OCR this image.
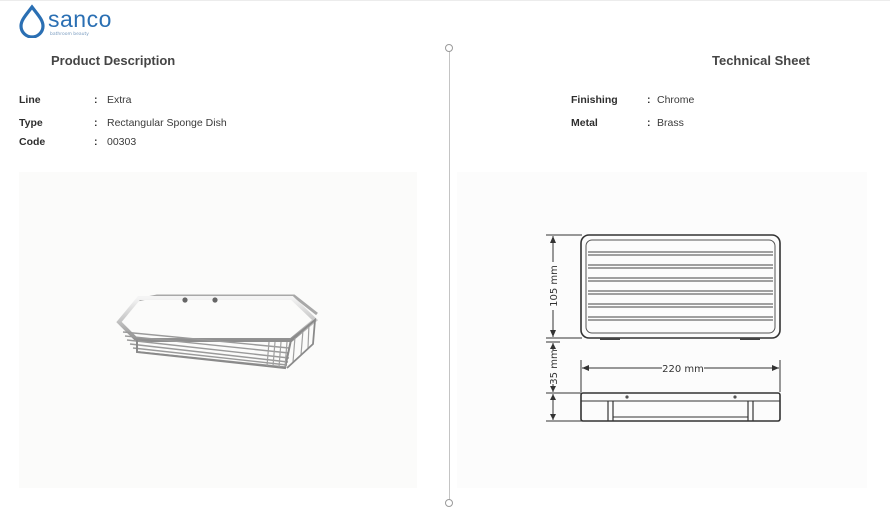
sanco
bathroom beauty
Product Description	Technical Sheet
Line	: Extra
Type	: Rectangular Sponge Dish
Code	: 00303
Finishing	: Chrome
Metal	: Brass
105 mm
220 mm
35 mm
